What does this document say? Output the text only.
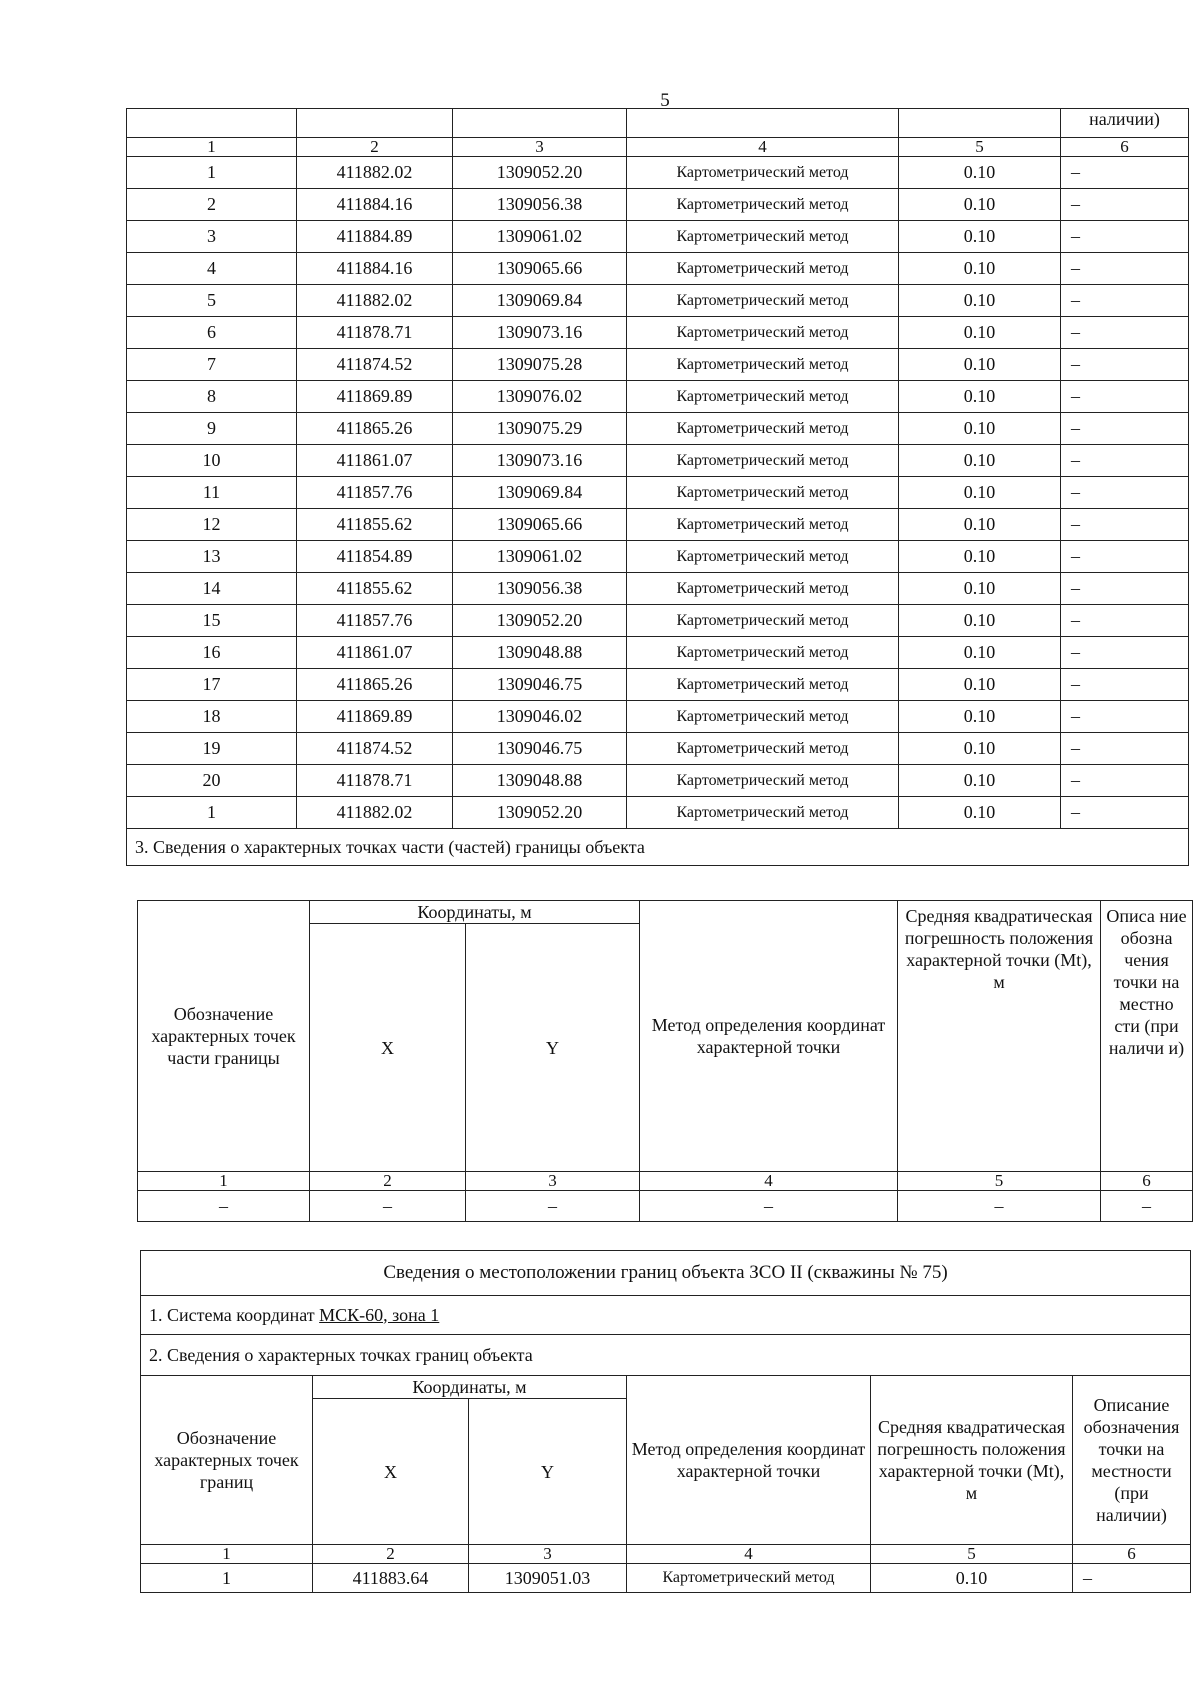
5
					наличии)
1	2	3	4	5	6
1	411882.02	1309052.20	Картометрический метод	0.10	–
2	411884.16	1309056.38	Картометрический метод	0.10	–
3	411884.89	1309061.02	Картометрический метод	0.10	–
4	411884.16	1309065.66	Картометрический метод	0.10	–
5	411882.02	1309069.84	Картометрический метод	0.10	–
6	411878.71	1309073.16	Картометрический метод	0.10	–
7	411874.52	1309075.28	Картометрический метод	0.10	–
8	411869.89	1309076.02	Картометрический метод	0.10	–
9	411865.26	1309075.29	Картометрический метод	0.10	–
10	411861.07	1309073.16	Картометрический метод	0.10	–
11	411857.76	1309069.84	Картометрический метод	0.10	–
12	411855.62	1309065.66	Картометрический метод	0.10	–
13	411854.89	1309061.02	Картометрический метод	0.10	–
14	411855.62	1309056.38	Картометрический метод	0.10	–
15	411857.76	1309052.20	Картометрический метод	0.10	–
16	411861.07	1309048.88	Картометрический метод	0.10	–
17	411865.26	1309046.75	Картометрический метод	0.10	–
18	411869.89	1309046.02	Картометрический метод	0.10	–
19	411874.52	1309046.75	Картометрический метод	0.10	–
20	411878.71	1309048.88	Картометрический метод	0.10	–
1	411882.02	1309052.20	Картометрический метод	0.10	–
3. Сведения о характерных точках части (частей) границы объекта					
Обозначение характерных точек части границы	Координаты, м		Метод определения координат характерной точки	Средняя квадратическая погрешность положения характерной точки (Mt), м	Описа ние обозна чения точки на местно сти (при наличи и)
	X	Y			
1	2	3	4	5	6
–	–	–	–	–	–
Сведения о местоположении границ объекта ЗСО II (скважины № 75)					
1. Система координат МСК-60, зона 1					
2. Сведения о характерных точках границ объекта					
Обозначение характерных точек границ	Координаты, м		Метод определения координат характерной точки	Средняя квадратическая погрешность положения характерной точки (Mt), м	Описание обозначения точки на местности (при наличии)
	X	Y			
1	2	3	4	5	6
1	411883.64	1309051.03	Картометрический метод	0.10	–
